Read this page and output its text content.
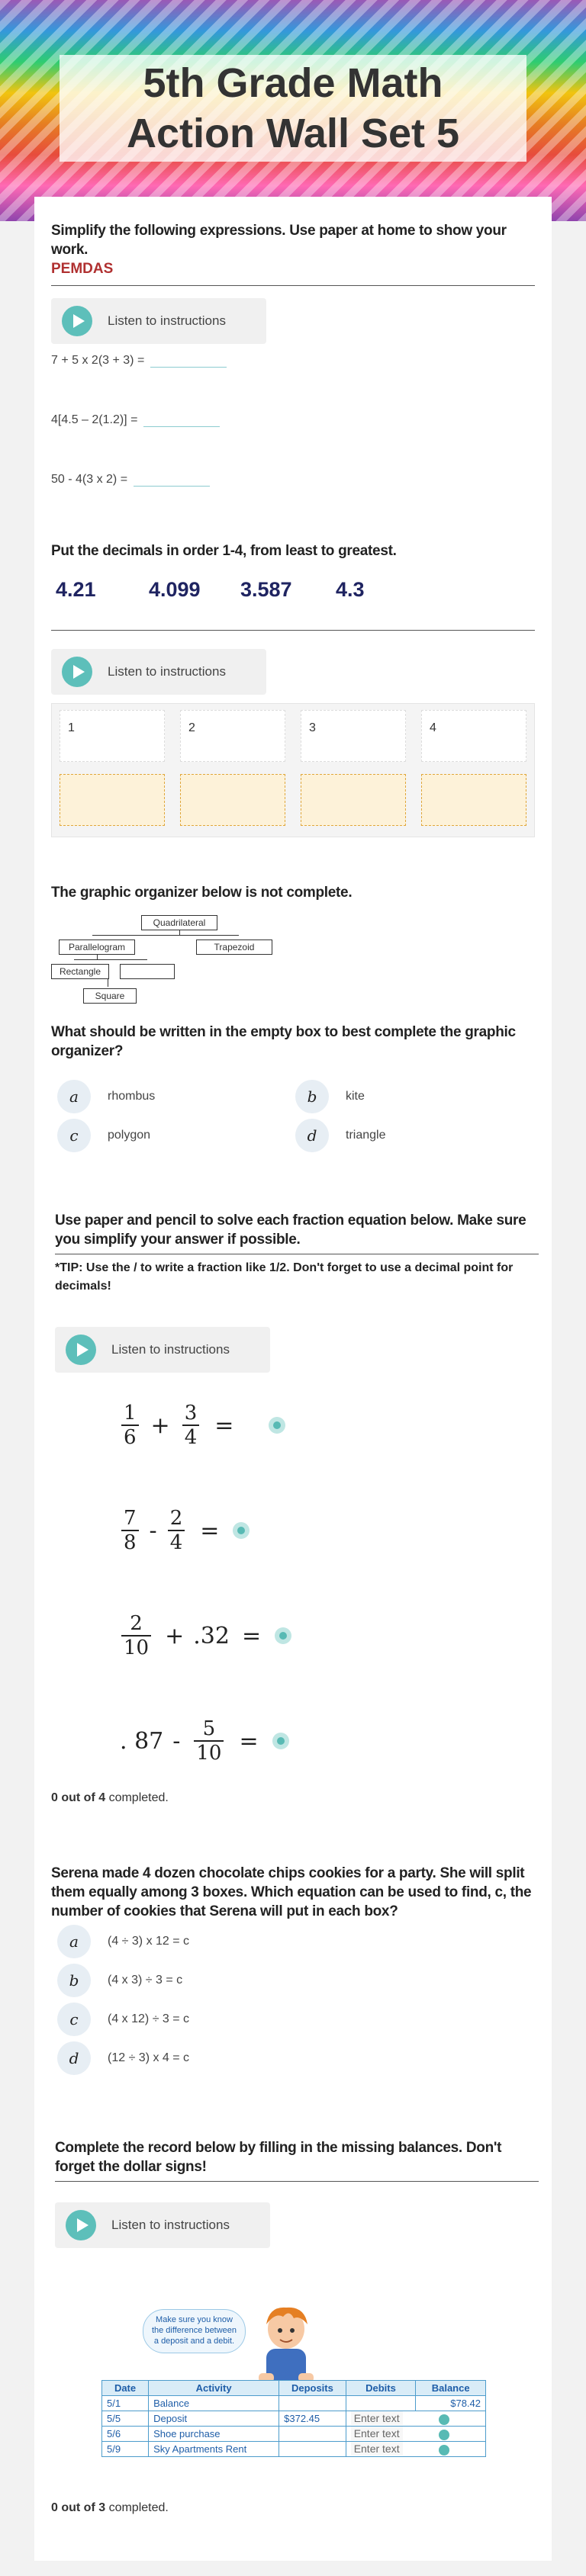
5th Grade Math Action Wall Set 5
Simplify the following expressions. Use paper at home to show your work.
PEMDAS
Listen to instructions
7 + 5 x 2(3 + 3) =
4[4.5 – 2(1.2)] =
50 - 4(3 x 2) =
Put the decimals in order 1-4, from least to greatest.
4.21	4.099 3.587 4.3
Listen to instructions
1	2	3	4
The graphic organizer below is not complete.
Quadrilateral
Parallelogram	Trapezoid
Rectangle
Square
What should be written in the empty box to best complete the graphic organizer?
a	rhombus	b	kite
c	polygon	d	triangle
Use paper and pencil to solve each fraction equation below. Make sure you simplify your answer if possible.
*TIP: Use the / to write a fraction like 1/2. Don't forget to use a decimal point for decimals!
Listen to instructions
$\frac{1}{6} + \frac{3}{4}$ =
$\frac{7}{8} - \frac{2}{4}$ =
$\frac{2}{10} + .32$ =
. $87 - \frac{5}{10}$ =
0 out of 4 completed.
Serena made 4 dozen chocolate chips cookies for a party. She will split them equally among 3 boxes. Which equation can be used to find, c, the number of cookies that Serena will put in each box?
a	(4 ÷ 3) x 12 = c
b	(4 x 3) ÷ 3 = c
c	(4 x 12) ÷ 3 = c
d	(12 ÷ 3) x 4 = c
Complete the record below by filling in the missing balances. Don't forget the dollar signs!
Listen to instructions
Make sure you know the difference between a deposit and a debit.
Date	Activity	Deposits	Debits	Balance
5/1	Balance			$78.42
5/5	Deposit	$372.45	Enter text	
5/6	Shoe purchase		Enter text	
5/9	Sky Apartments Rent		Enter text	
0 out of 3 completed.
